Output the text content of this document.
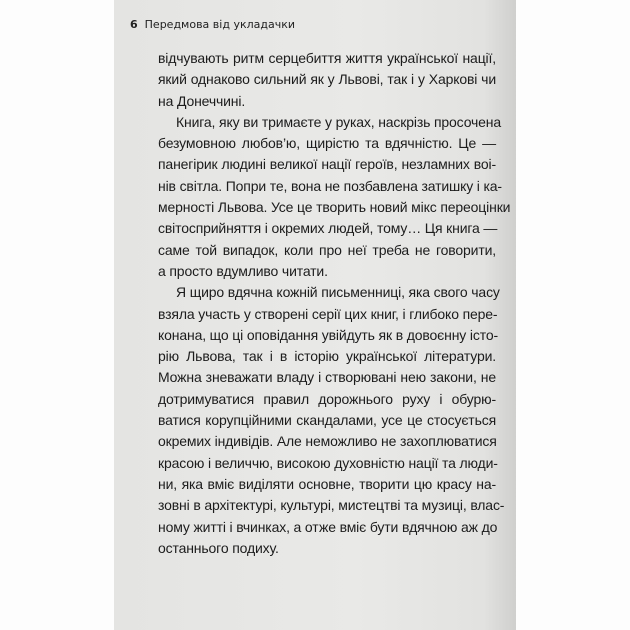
6 Передмова від укладачки
відчувають ритм серцебиття життя української нації,
який однаково сильний як у Львові, так і у Харкові чи
на Донеччині.
Книга, яку ви тримаєте у руках, наскрізь просочена
безумовною любов’ю, щирістю та вдячністю. Це —
панегірик людині великої нації героїв, незламних воі-
нів світла. Попри те, вона не позбавлена затишку і ка-
мерності Львова. Усе це творить новий мікс переоцінки
світосприйняття і окремих людей, тому… Ця книга —
саме той випадок, коли про неї треба не говорити,
а просто вдумливо читати.
Я щиро вдячна кожній письменниці, яка свого часу
взяла участь у створені серії цих книг, і глибоко пере-
конана, що ці оповідання увійдуть як в довоєнну істо-
рію Львова, так і в історію української літератури.
Можна зневажати владу і створювані нею закони, не
дотримуватися правил дорожнього руху і обурю-
ватися корупційними скандалами, усе це стосується
окремих індивідів. Але неможливо не захоплюватися
красою і величчю, високою духовністю нації та люди-
ни, яка вміє виділяти основне, творити цю красу на-
зовні в архітектурі, культурі, мистецтві та музиці, влас-
ному житті і вчинках, а отже вміє бути вдячною аж до
останнього подиху.
